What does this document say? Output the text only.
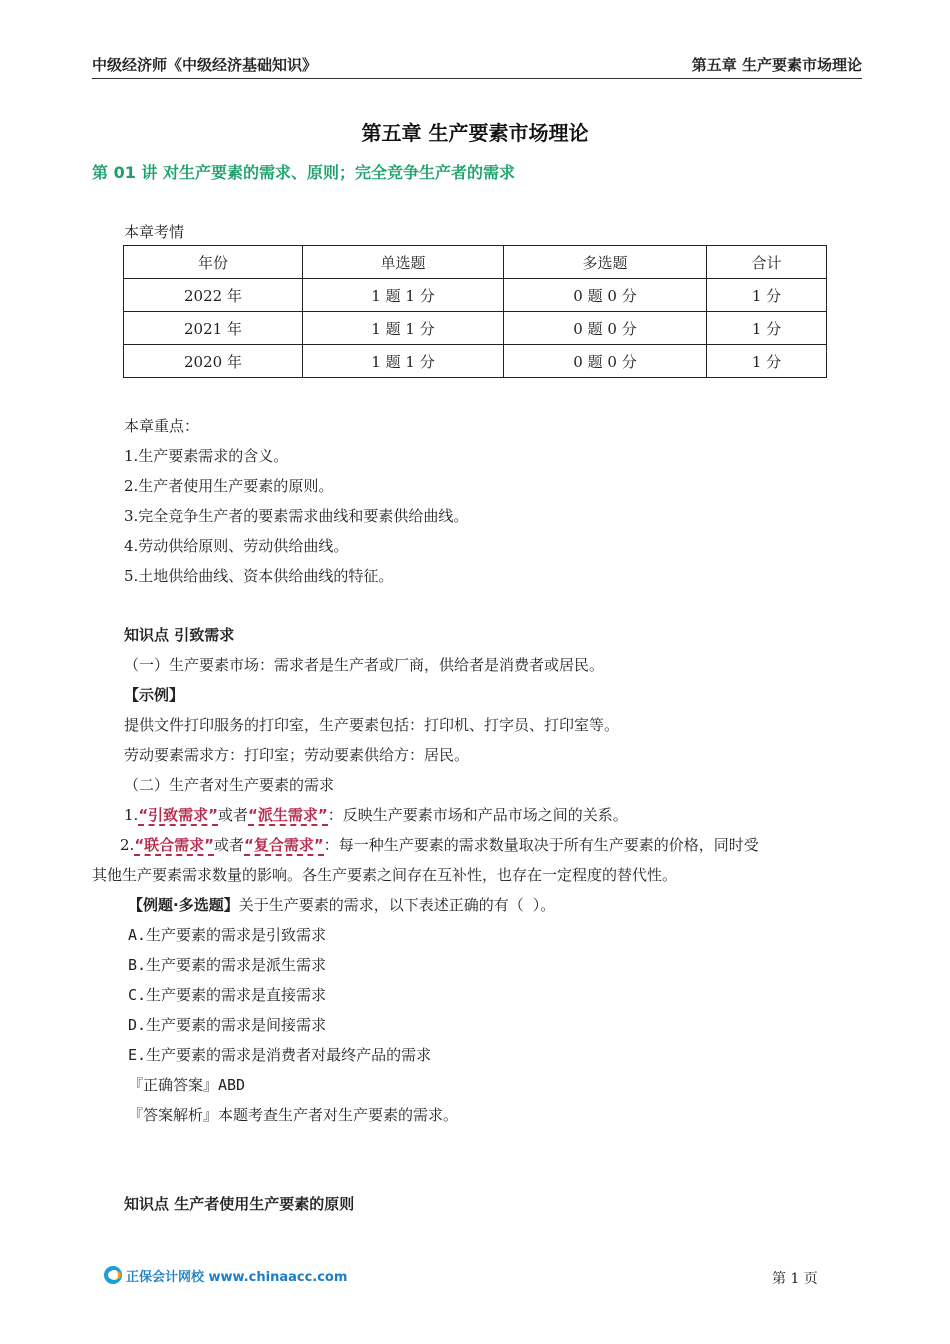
中级经济师《中级经济基础知识》	第五章 生产要素市场理论
第五章 生产要素市场理论
第 01 讲 对生产要素的需求、原则；完全竞争生产者的需求
本章考情
年份	单选题	多选题	合计
2022 年	1 题 1 分	0 题 0 分	1 分
2021 年	1 题 1 分	0 题 0 分	1 分
2020 年	1 题 1 分	0 题 0 分	1 分
本章重点：
1.生产要素需求的含义。
2.生产者使用生产要素的原则。
3.完全竞争生产者的要素需求曲线和要素供给曲线。
4.劳动供给原则、劳动供给曲线。
5.土地供给曲线、资本供给曲线的特征。
知识点 引致需求
（一）生产要素市场：需求者是生产者或厂商，供给者是消费者或居民。
【示例】
提供文件打印服务的打印室，生产要素包括：打印机、打字员、打印室等。
劳动要素需求方：打印室；劳动要素供给方：居民。
（二）生产者对生产要素的需求
1.“引致需求”或者“派生需求”：反映生产要素市场和产品市场之间的关系。
2.“联合需求”或者“复合需求”：每一种生产要素的需求数量取决于所有生产要素的价格，同时受
其他生产要素需求数量的影响。各生产要素之间存在互补性，也存在一定程度的替代性。
【例题·多选题】关于生产要素的需求，以下表述正确的有（ ）。
A.生产要素的需求是引致需求
B.生产要素的需求是派生需求
C.生产要素的需求是直接需求
D.生产要素的需求是间接需求
E.生产要素的需求是消费者对最终产品的需求
『正确答案』ABD
『答案解析』本题考查生产者对生产要素的需求。
知识点 生产者使用生产要素的原则
正保会计网校 www.chinaacc.com	第 1 页
